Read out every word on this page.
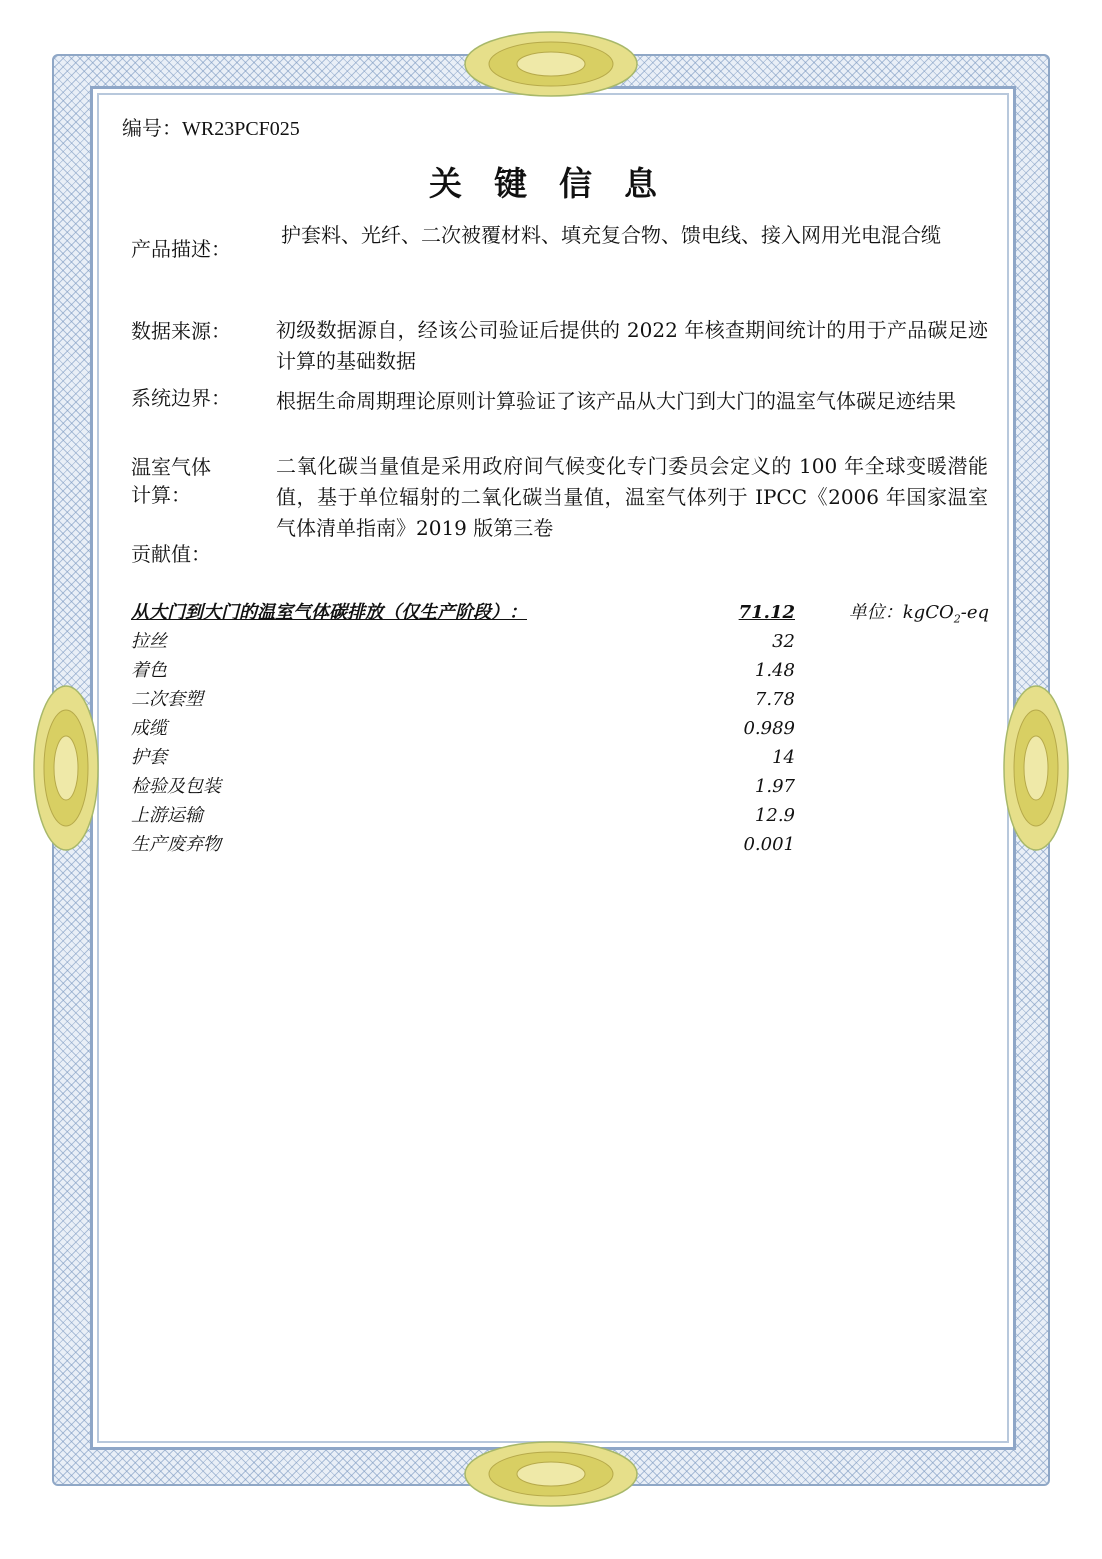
编号：WR23PCF025
关键信息
产品描述：
护套料、光纤、二次被覆材料、填充复合物、馈电线、接入网用光电混合缆
数据来源： 初级数据源自，经该公司验证后提供的 2022 年核查期间统计的用于产品碳足迹计算的基础数据
系统边界： 根据生命周期理论原则计算验证了该产品从大门到大门的温室气体碳足迹结果
温室气体
计算：
二氧化碳当量值是采用政府间气候变化专门委员会定义的 100 年全球变暖潜能值，基于单位辐射的二氧化碳当量值，温室气体列于 IPCC《2006 年国家温室气体清单指南》2019 版第三卷
贡献值：
从大门到大门的温室气体碳排放（仅生产阶段）：	71.12	单位：kgCO$_2$-eq
拉丝	32
着色	1.48
二次套塑	7.78
成缆	0.989
护套	14
检验及包装	1.97
上游运输	12.9
生产废弃物	0.001
